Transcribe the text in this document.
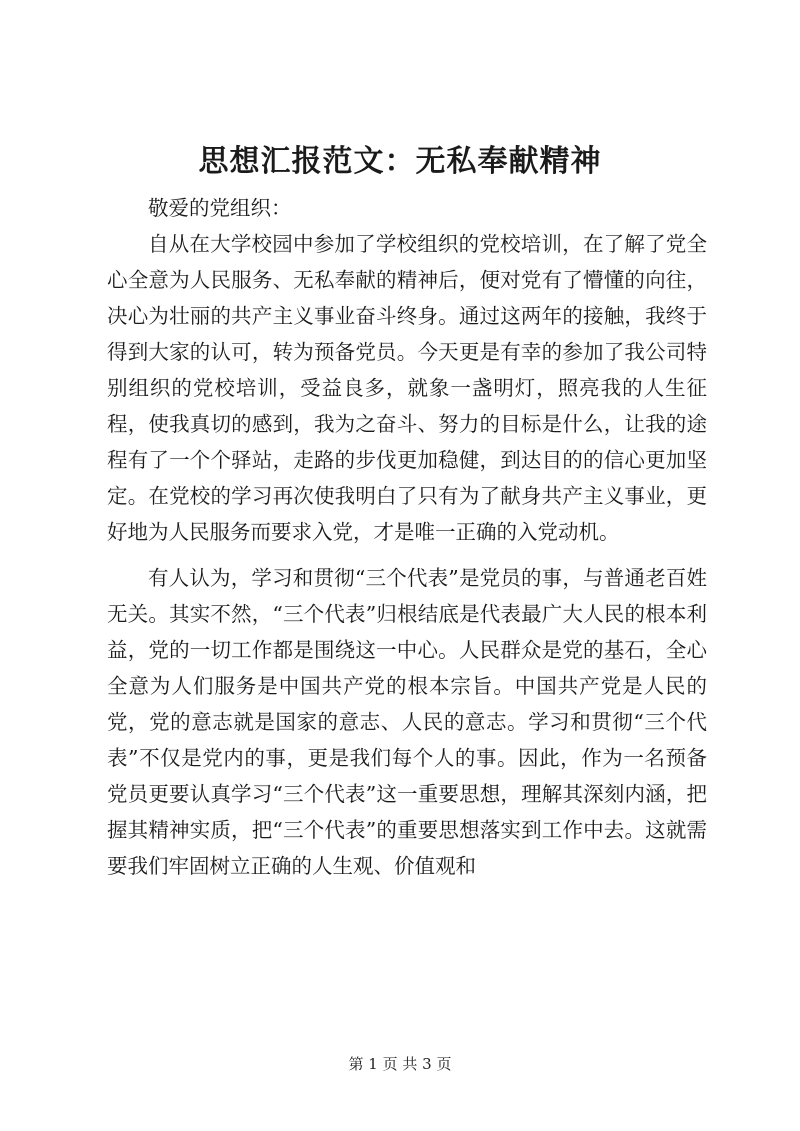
思想汇报范文：无私奉献精神

敬爱的党组织：

自从在大学校园中参加了学校组织的党校培训，在了解了党全心全意为人民服务、无私奉献的精神后，便对党有了懵懂的向往，决心为壮丽的共产主义事业奋斗终身。通过这两年的接触，我终于得到大家的认可，转为预备党员。今天更是有幸的参加了我公司特别组织的党校培训，受益良多，就象一盏明灯，照亮我的人生征程，使我真切的感到，我为之奋斗、努力的目标是什么，让我的途程有了一个个驿站，走路的步伐更加稳健，到达目的的信心更加坚定。在党校的学习再次使我明白了只有为了献身共产主义事业，更好地为人民服务而要求入党，才是唯一正确的入党动机。

有人认为，学习和贯彻“三个代表”是党员的事，与普通老百姓无关。其实不然，“三个代表”归根结底是代表最广大人民的根本利益，党的一切工作都是围绕这一中心。人民群众是党的基石，全心全意为人们服务是中国共产党的根本宗旨。中国共产党是人民的党，党的意志就是国家的意志、人民的意志。学习和贯彻“三个代表”不仅是党内的事，更是我们每个人的事。因此，作为一名预备党员更要认真学习“三个代表”这一重要思想，理解其深刻内涵，把握其精神实质，把“三个代表”的重要思想落实到工作中去。这就需要我们牢固树立正确的人生观、价值观和

第 1 页 共 3 页
